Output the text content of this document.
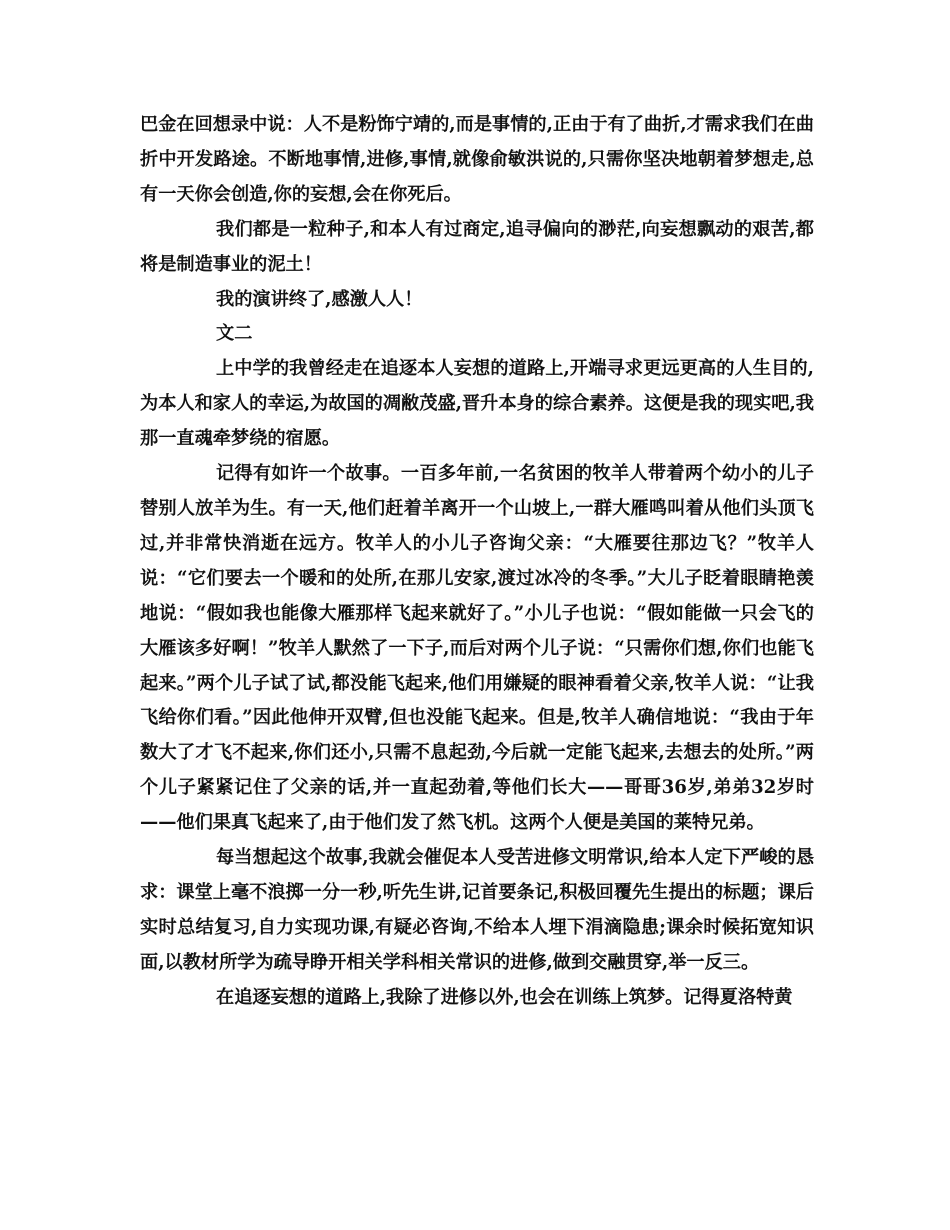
巴金在回想录中说：人不是粉饰宁靖的,而是事情的,正由于有了曲折,才需求我们在曲折中开发路途。不断地事情,进修,事情,就像俞敏洪说的,只需你坚决地朝着梦想走,总有一天你会创造,你的妄想,会在你死后。

我们都是一粒种子,和本人有过商定,追寻偏向的渺茫,向妄想飘动的艰苦,都将是制造事业的泥土！

我的演讲终了,感激人人！

文二

上中学的我曾经走在追逐本人妄想的道路上,开端寻求更远更高的人生目的,为本人和家人的幸运,为故国的凋敝茂盛,晋升本身的综合素养。这便是我的现实吧,我那一直魂牵梦绕的宿愿。

记得有如许一个故事。一百多年前,一名贫困的牧羊人带着两个幼小的儿子替别人放羊为生。有一天,他们赶着羊离开一个山坡上,一群大雁鸣叫着从他们头顶飞过,并非常快消逝在远方。牧羊人的小儿子咨询父亲：“大雁要往那边飞？”牧羊人说：“它们要去一个暖和的处所,在那儿安家,渡过冰冷的冬季。”大儿子眨着眼睛艳羡地说：“假如我也能像大雁那样飞起来就好了。”小儿子也说：“假如能做一只会飞的大雁该多好啊！”牧羊人默然了一下子,而后对两个儿子说：“只需你们想,你们也能飞起来。”两个儿子试了试,都没能飞起来,他们用嫌疑的眼神看着父亲,牧羊人说：“让我飞给你们看。”因此他伸开双臂,但也没能飞起来。但是,牧羊人确信地说：“我由于年数大了才飞不起来,你们还小,只需不息起劲,今后就一定能飞起来,去想去的处所。”两个儿子紧紧记住了父亲的话,并一直起劲着,等他们长大——哥哥36岁,弟弟32岁时——他们果真飞起来了,由于他们发了然飞机。这两个人便是美国的莱特兄弟。

每当想起这个故事,我就会催促本人受苦进修文明常识,给本人定下严峻的恳求：课堂上毫不浪掷一分一秒,听先生讲,记首要条记,积极回覆先生提出的标题；课后实时总结复习,自力实现功课,有疑必咨询,不给本人埋下涓滴隐患;课余时候拓宽知识面,以教材所学为疏导睁开相关学科相关常识的进修,做到交融贯穿,举一反三。

在追逐妄想的道路上,我除了进修以外,也会在训练上筑梦。记得夏洛特黄
